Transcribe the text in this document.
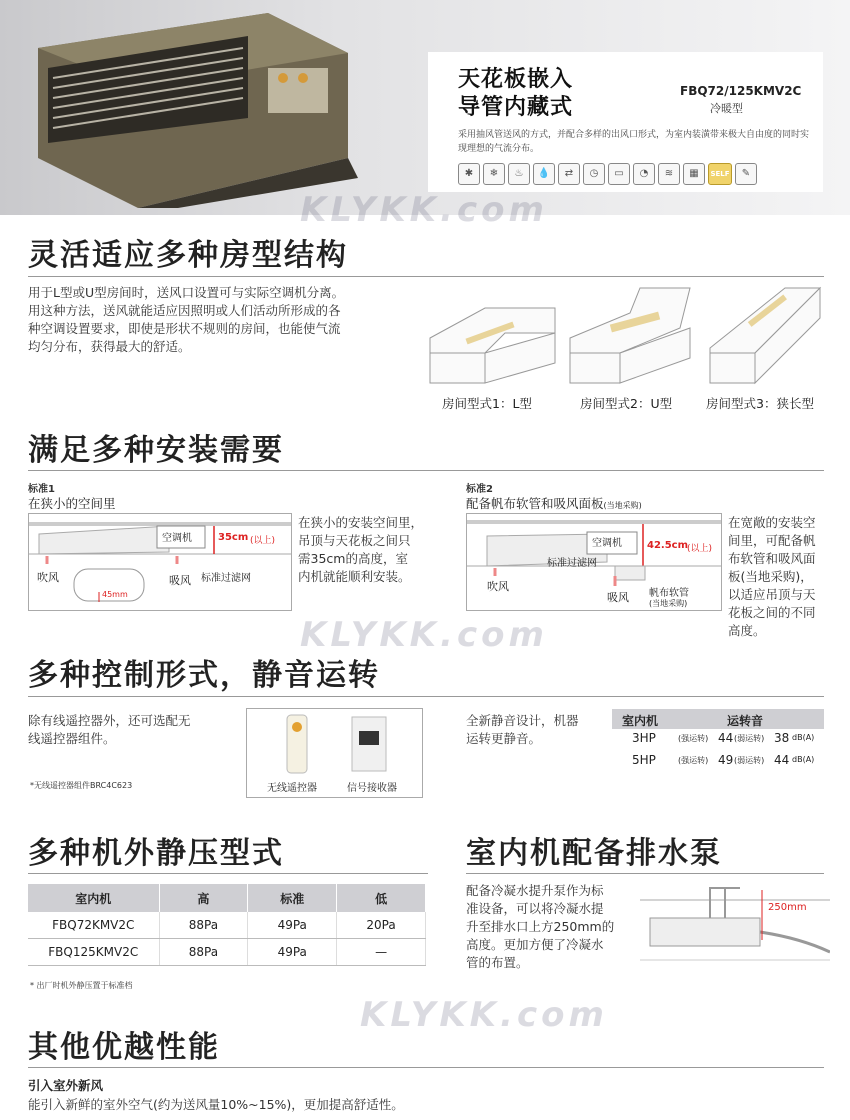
天花板嵌入
导管内藏式
FBQ72/125KMV2C
冷暖型
采用抽风管送风的方式，并配合多样的出风口形式，为室内装潢带来极大自由度的同时实现理想的气流分布。
✱	❄	♨	💧	⇄	◷	▭	◔	≋	▦	SELF	✎
灵活适应多种房型结构
用于L型或U型房间时，送风口设置可与实际空调机分离。
用这种方法，送风就能适应因照明或人们活动所形成的各
种空调设置要求，即使是形状不规则的房间，也能使气流
均匀分布，获得最大的舒适。
房间型式1：L型	房间型式2：U型	房间型式3：狭长型
满足多种安装需要
标准1
在狭小的空间里
空调机	35cm (以上)
吹风	吸风 标准过滤网
45mm
在狭小的安装空间里，
吊顶与天花板之间只
需35cm的高度，室
内机就能顺利安装。
标准2
配备帆布软管和吸风面板(当地采购)
空调机	42.5cm
(以上)
标准过滤网
吹风
吸风 帆布软管
(当地采购)
在宽敞的安装空
间里，可配备帆
布软管和吸风面
板(当地采购)，
以适应吊顶与天
花板之间的不同
高度。
多种控制形式，静音运转
除有线遥控器外，还可选配无
线遥控器组件。
*无线遥控器组件BRC4C623	无线遥控器	信号接收器
全新静音设计，机器
运转更静音。
室内机	运转音
3HP	(强运转) 44 (弱运转) 38 dB(A)
5HP	(强运转) 49 (弱运转) 44 dB(A)
多种机外静压型式
室内机	高	标准	低
FBQ72KMV2C	88Pa	49Pa	20Pa
FBQ125KMV2C	88Pa	49Pa	—
* 出厂时机外静压置于标准档
室内机配备排水泵
配备冷凝水提升泵作为标
准设备，可以将冷凝水提
升至排水口上方250mm的
高度。更加方便了冷凝水
管的布置。
250mm
其他优越性能
引入室外新风
能引入新鲜的室外空气(约为送风量10%~15%)，更加提高舒适性。
KLYKK.com
KLYKK.com
KLYKK.com
